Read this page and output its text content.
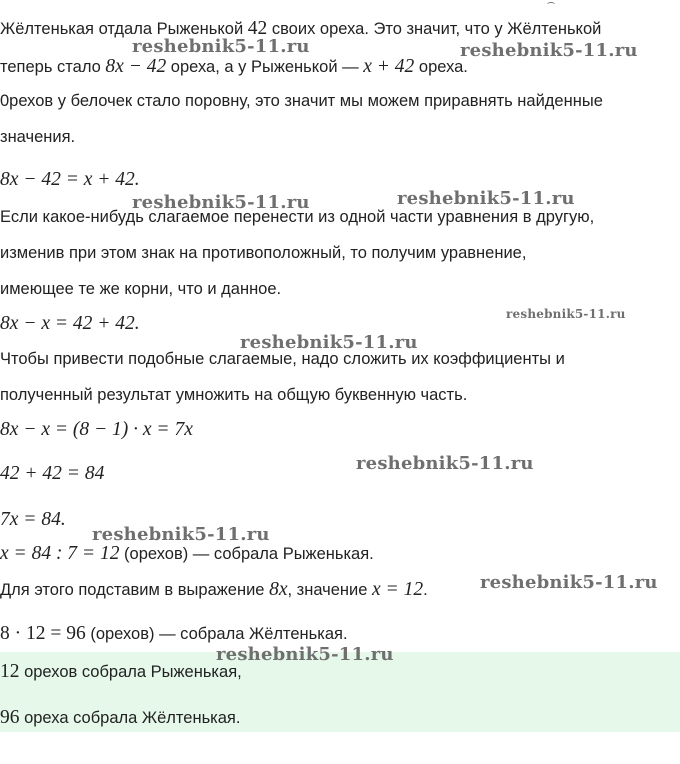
Жёлтенькая отдала Рыженькой 42 своих ореха. Это значит, что у Жёлтенькой
теперь стало 8x − 42 ореха, а у Рыженькой — x + 42 ореха.
0рехов у белочек стало поровну, это значит мы можем приравнять найденные
значения.
8x − 42 = x + 42.
Если какое-нибудь слагаемое перенести из одной части уравнения в другую,
изменив при этом знак на противоположный, то получим уравнение,
имеющее те же корни, что и данное.
8x − x = 42 + 42.
Чтобы привести подобные слагаемые, надо сложить их коэффициенты и
полученный результат умножить на общую буквенную часть.
8x − x = (8 − 1) · x = 7x
42 + 42 = 84
7x = 84.
x = 84 : 7 = 12 (орехов) — собрала Рыженькая.
Для этого подставим в выражение 8x, значение x = 12.
8 · 12 = 96 (орехов) — собрала Жёлтенькая.
12 орехов собрала Рыженькая,
96 ореха собрала Жёлтенькая.
reshebnik5-11.ru	reshebnik5-11.ru
reshebnik5-11.ru	reshebnik5-11.ru
reshebnik5-11.ru
reshebnik5-11.ru
reshebnik5-11.ru
reshebnik5-11.ru
reshebnik5-11.ru
reshebnik5-11.ru
